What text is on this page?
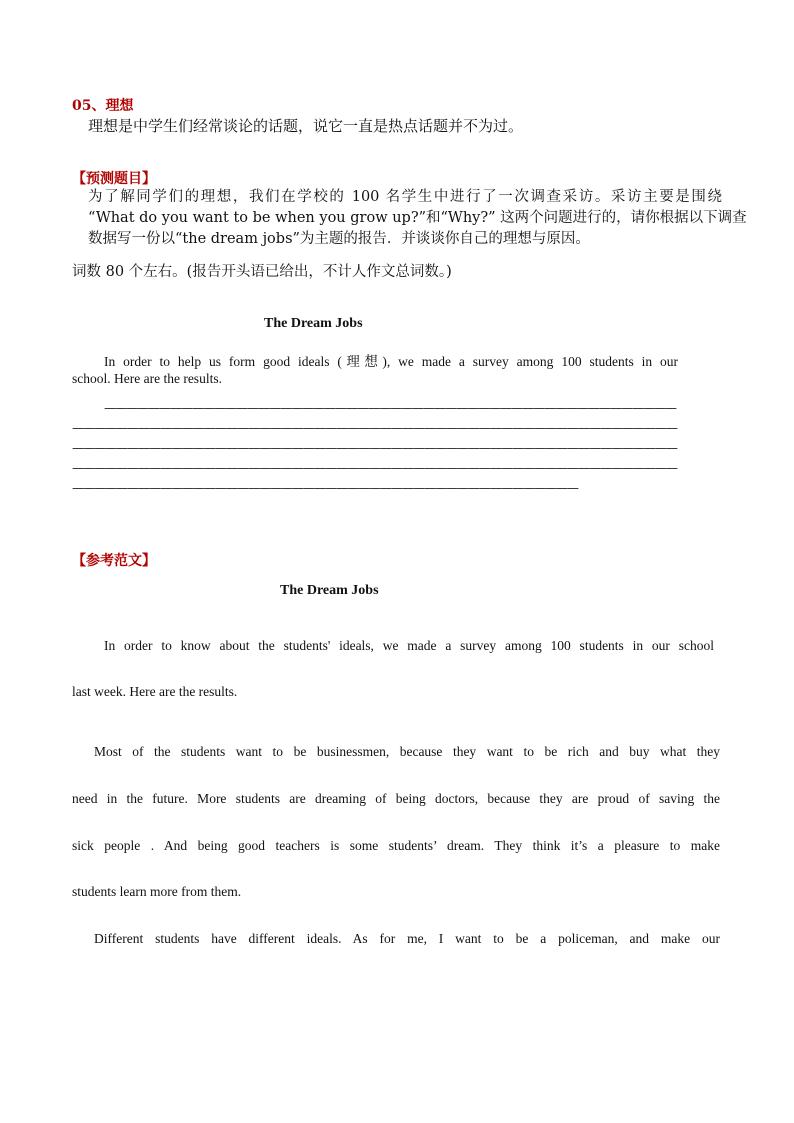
05、理想
理想是中学生们经常谈论的话题，说它一直是热点话题并不为过。
【预测题目】
为了解同学们的理想，我们在学校的 100 名学生中进行了一次调查采访。采访主要是围绕
“What do you want to be when you grow up?”和“Why?” 这两个问题进行的，请你根据以下调查
数据写一份以“the dream jobs”为主题的报告．并谈谈你自己的理想与原因。
词数 80 个左右。(报告开头语已给出，不计人作文总词数。)
The Dream Jobs
In order to help us form good ideals (理想), we made a survey among 100 students in our
school. Here are the results.
————————————————————————————————————————————————————
———————————————————————————————————————————————————————
———————————————————————————————————————————————————————
———————————————————————————————————————————————————————
——————————————————————————————————————————————
【参考范文】
The Dream Jobs
In order to know about the students' ideals, we made a survey among 100 students in our school
last week. Here are the results.
Most of the students want to be businessmen, because they want to be rich and buy what they
need in the future. More students are dreaming of being doctors, because they are proud of saving the
sick people . And being good teachers is some students’ dream. They think it’s a pleasure to make
students learn more from them.
Different students have different ideals. As for me, I want to be a policeman, and make our
